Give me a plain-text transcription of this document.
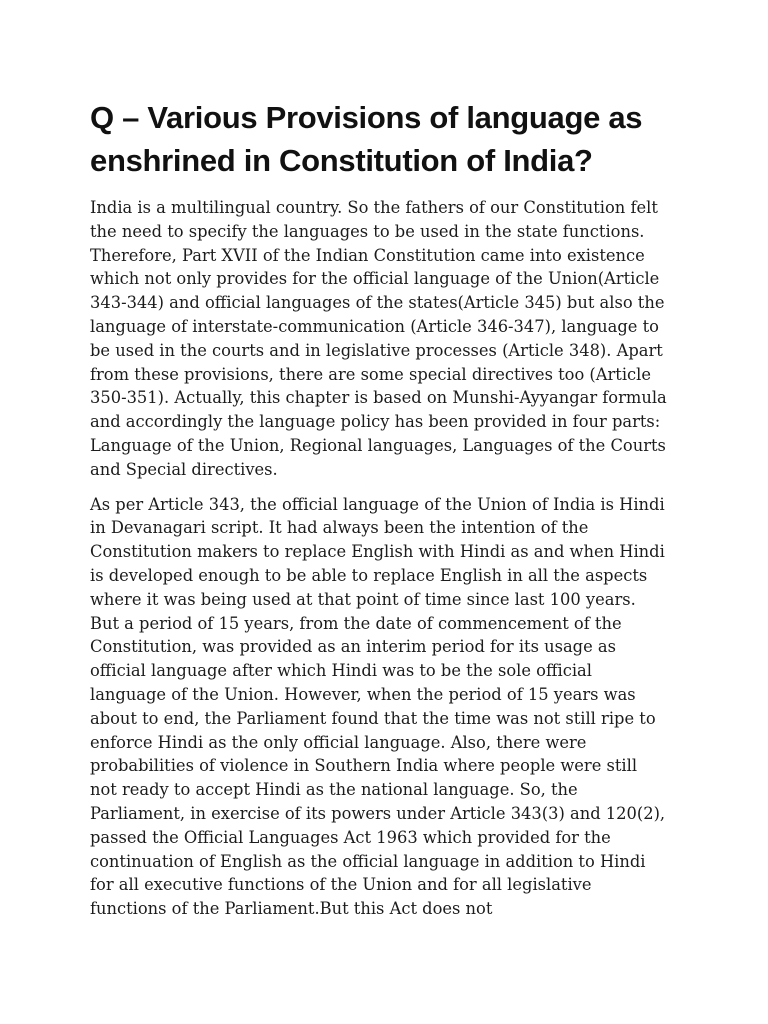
Q – Various Provisions of language as enshrined in Constitution of India?

India is a multilingual country. So the fathers of our Constitution felt the need to specify the languages to be used in the state functions. Therefore, Part XVII of the Indian Constitution came into existence which not only provides for the official language of the Union(Article 343-344) and official languages of the states(Article 345) but also the language of interstate-communication (Article 346-347), language to be used in the courts and in legislative processes (Article 348). Apart from these provisions, there are some special directives too (Article 350-351). Actually, this chapter is based on Munshi-Ayyangar formula and accordingly the language policy has been provided in four parts: Language of the Union, Regional languages, Languages of the Courts and Special directives.

As per Article 343, the official language of the Union of India is Hindi in Devanagari script. It had always been the intention of the Constitution makers to replace English with Hindi as and when Hindi is developed enough to be able to replace English in all the aspects where it was being used at that point of time since last 100 years. But a period of 15 years, from the date of commencement of the Constitution, was provided as an interim period for its usage as official language after which Hindi was to be the sole official language of the Union. However, when the period of 15 years was about to end, the Parliament found that the time was not still ripe to enforce Hindi as the only official language. Also, there were probabilities of violence in Southern India where people were still not ready to accept Hindi as the national language. So, the Parliament, in exercise of its powers under Article 343(3) and 120(2), passed the Official Languages Act 1963 which provided for the continuation of English as the official language in addition to Hindi for all executive functions of the Union and for all legislative functions of the Parliament.But this Act does not
